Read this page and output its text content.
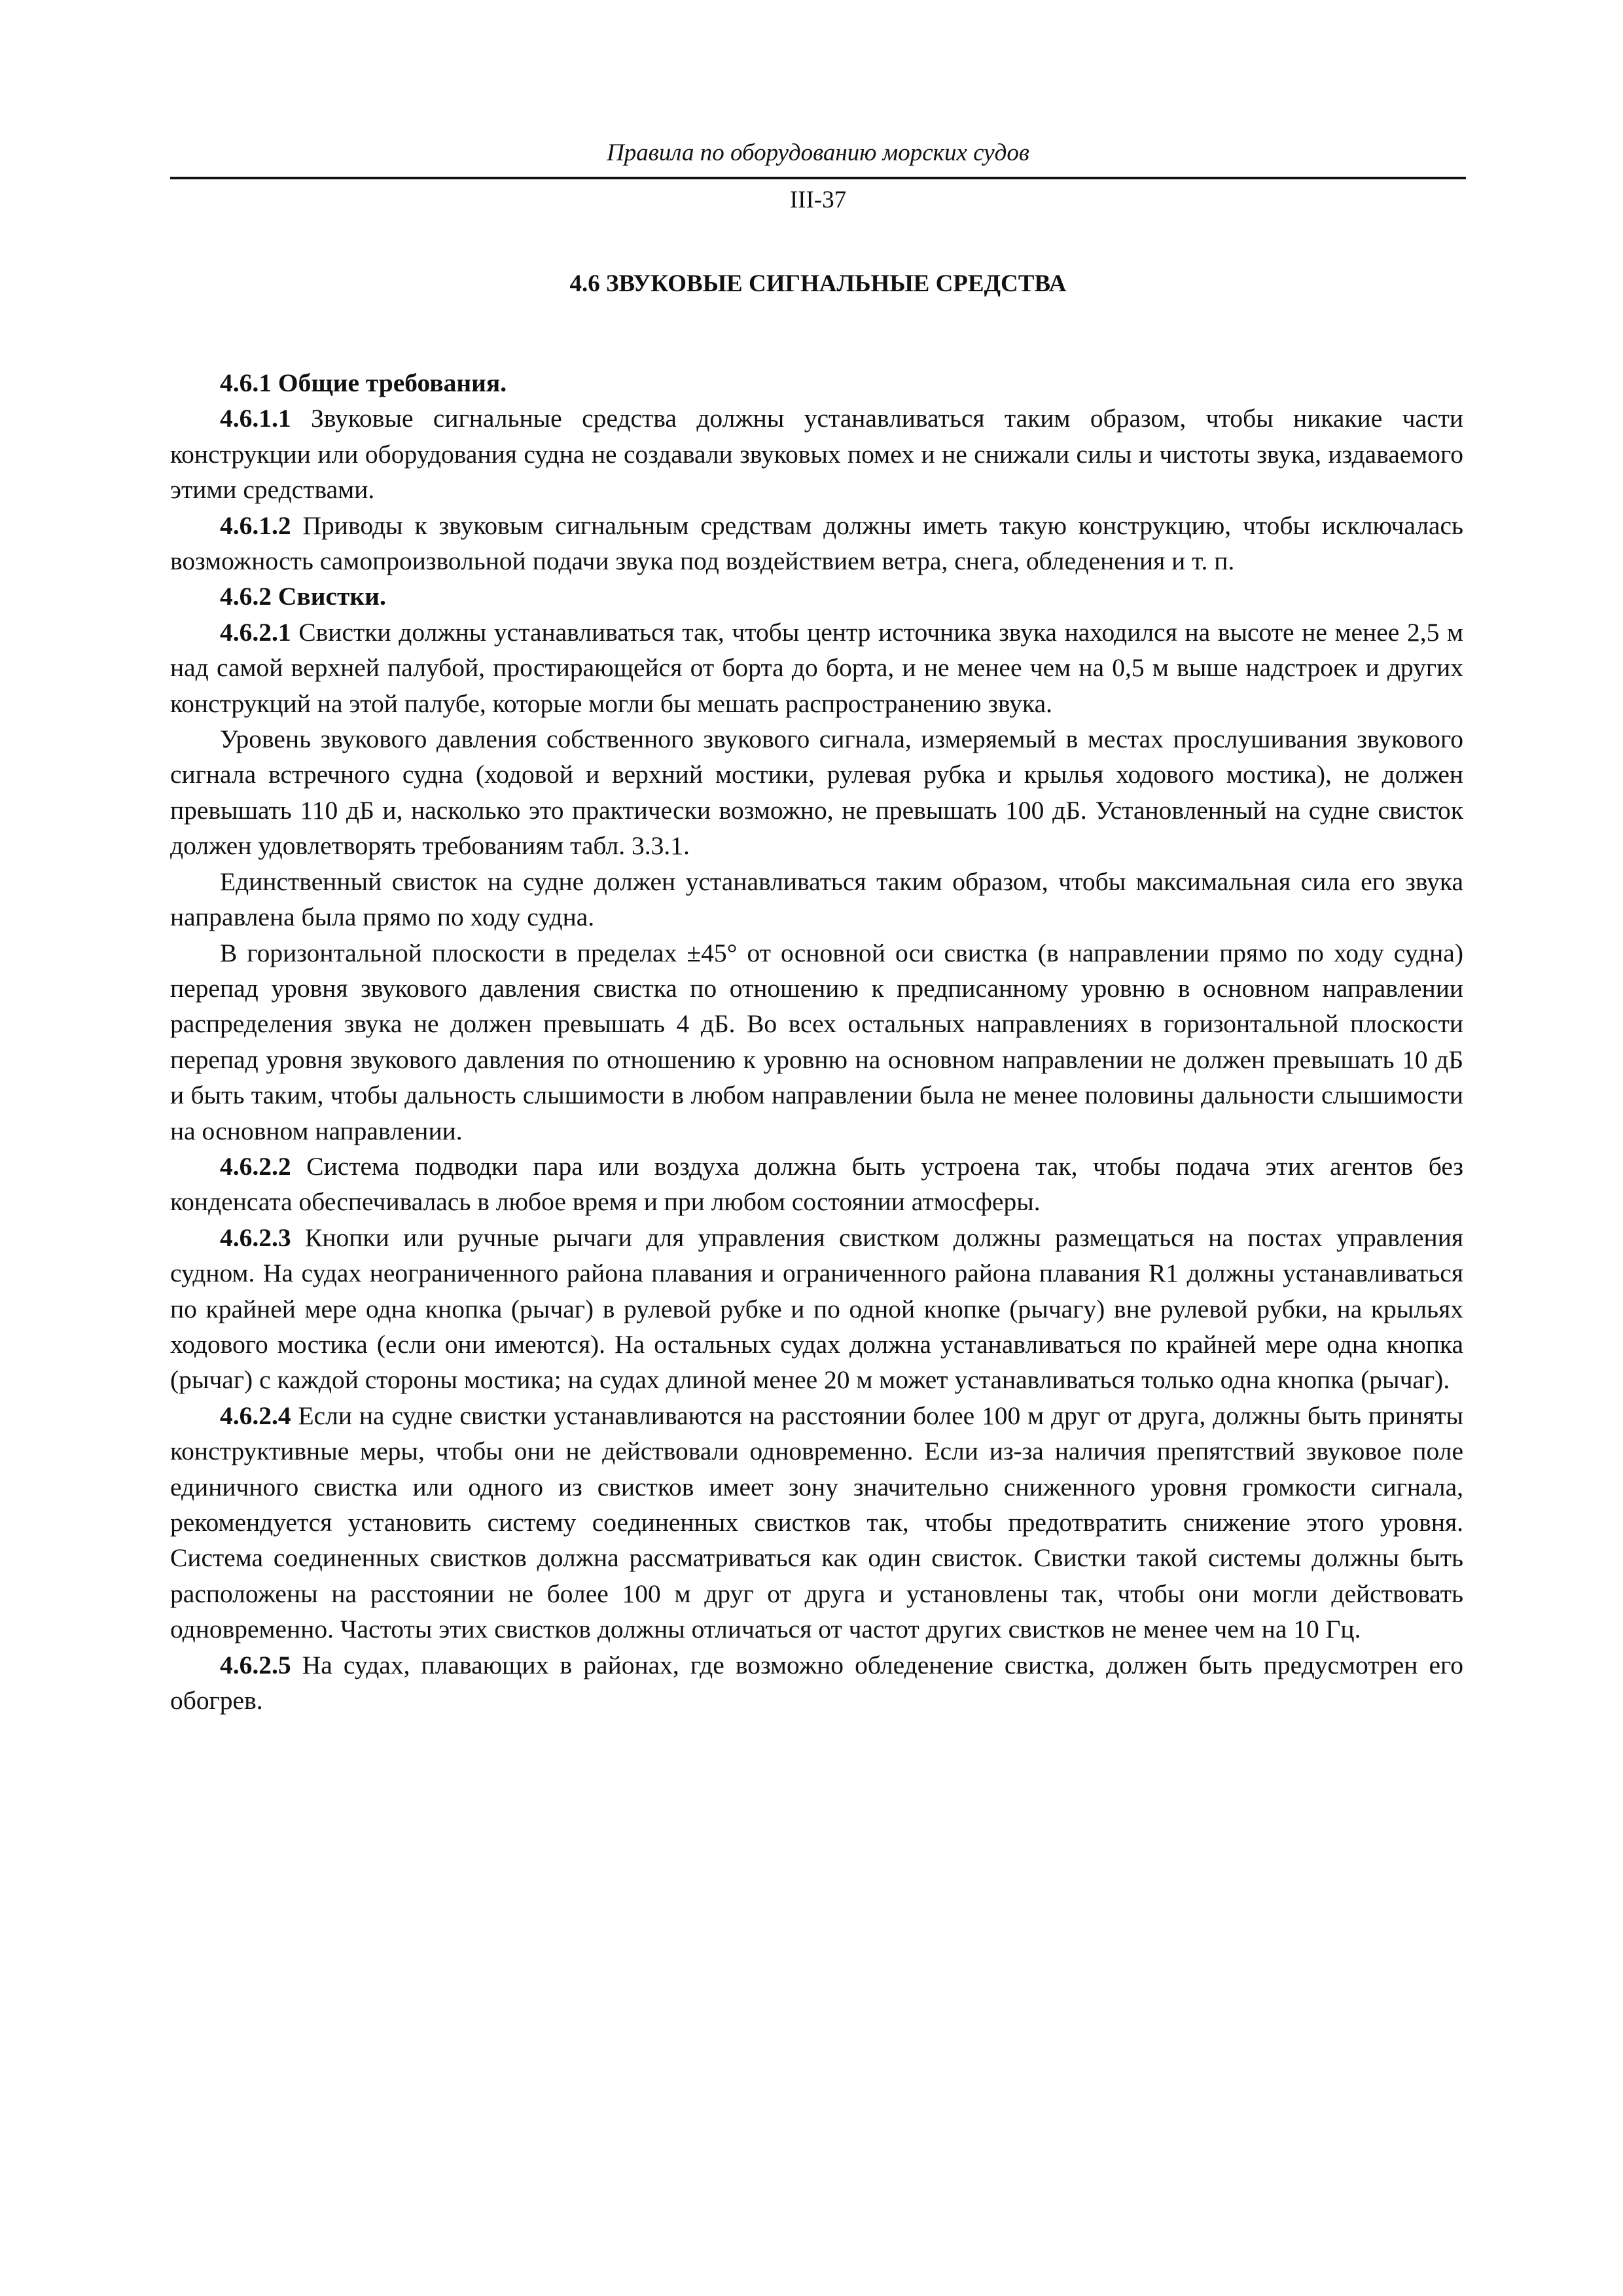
Правила по оборудованию морских судов
III-37
4.6 ЗВУКОВЫЕ СИГНАЛЬНЫЕ СРЕДСТВА

4.6.1 Общие требования.

4.6.1.1 Звуковые сигнальные средства должны устанавливаться таким образом, чтобы никакие части конструкции или оборудования судна не создавали звуковых помех и не снижали силы и чистоты звука, издаваемого этими средствами.

4.6.1.2 Приводы к звуковым сигнальным средствам должны иметь такую конструкцию, чтобы исключалась возможность самопроизвольной подачи звука под воздействием ветра, снега, обледенения и т. п.

4.6.2 Свистки.

4.6.2.1 Свистки должны устанавливаться так, чтобы центр источника звука находился на высоте не менее 2,5 м над самой верхней палубой, простирающейся от борта до борта, и не менее чем на 0,5 м выше надстроек и других конструкций на этой палубе, которые могли бы мешать распространению звука.

Уровень звукового давления собственного звукового сигнала, измеряемый в местах прослушивания звукового сигнала встречного судна (ходовой и верхний мостики, рулевая рубка и крылья ходового мостика), не должен превышать 110 дБ и, насколько это практически возможно, не превышать 100 дБ. Установленный на судне свисток должен удовлетворять требованиям табл. 3.3.1.

Единственный свисток на судне должен устанавливаться таким образом, чтобы максимальная сила его звука направлена была прямо по ходу судна.

В горизонтальной плоскости в пределах ±45° от основной оси свистка (в направлении прямо по ходу судна) перепад уровня звукового давления свистка по отношению к предписанному уровню в основном направлении распределения звука не должен превышать 4 дБ. Во всех остальных направлениях в горизонтальной плоскости перепад уровня звукового давления по отношению к уровню на основном направлении не должен превышать 10 дБ и быть таким, чтобы дальность слышимости в любом направлении была не менее половины дальности слышимости на основном направлении.

4.6.2.2 Система подводки пара или воздуха должна быть устроена так, чтобы подача этих агентов без конденсата обеспечивалась в любое время и при любом состоянии атмосферы.

4.6.2.3 Кнопки или ручные рычаги для управления свистком должны размещаться на постах управления судном. На судах неограниченного района плавания и ограниченного района плавания R1 должны устанавливаться по крайней мере одна кнопка (рычаг) в рулевой рубке и по одной кнопке (рычагу) вне рулевой рубки, на крыльях ходового мостика (если они имеются). На остальных судах должна устанавливаться по крайней мере одна кнопка (рычаг) с каждой стороны мостика; на судах длиной менее 20 м может устанавливаться только одна кнопка (рычаг).

4.6.2.4 Если на судне свистки устанавливаются на расстоянии более 100 м друг от друга, должны быть приняты конструктивные меры, чтобы они не действовали одновременно. Если из-за наличия препятствий звуковое поле единичного свистка или одного из свистков имеет зону значительно сниженного уровня громкости сигнала, рекомендуется установить систему соединенных свистков так, чтобы предотвратить снижение этого уровня. Система соединенных свистков должна рассматриваться как один свисток. Свистки такой системы должны быть расположены на расстоянии не более 100 м друг от друга и установлены так, чтобы они могли действовать одновременно. Частоты этих свистков должны отличаться от частот других свистков не менее чем на 10 Гц.

4.6.2.5 На судах, плавающих в районах, где возможно обледенение свистка, должен быть предусмотрен его обогрев.
